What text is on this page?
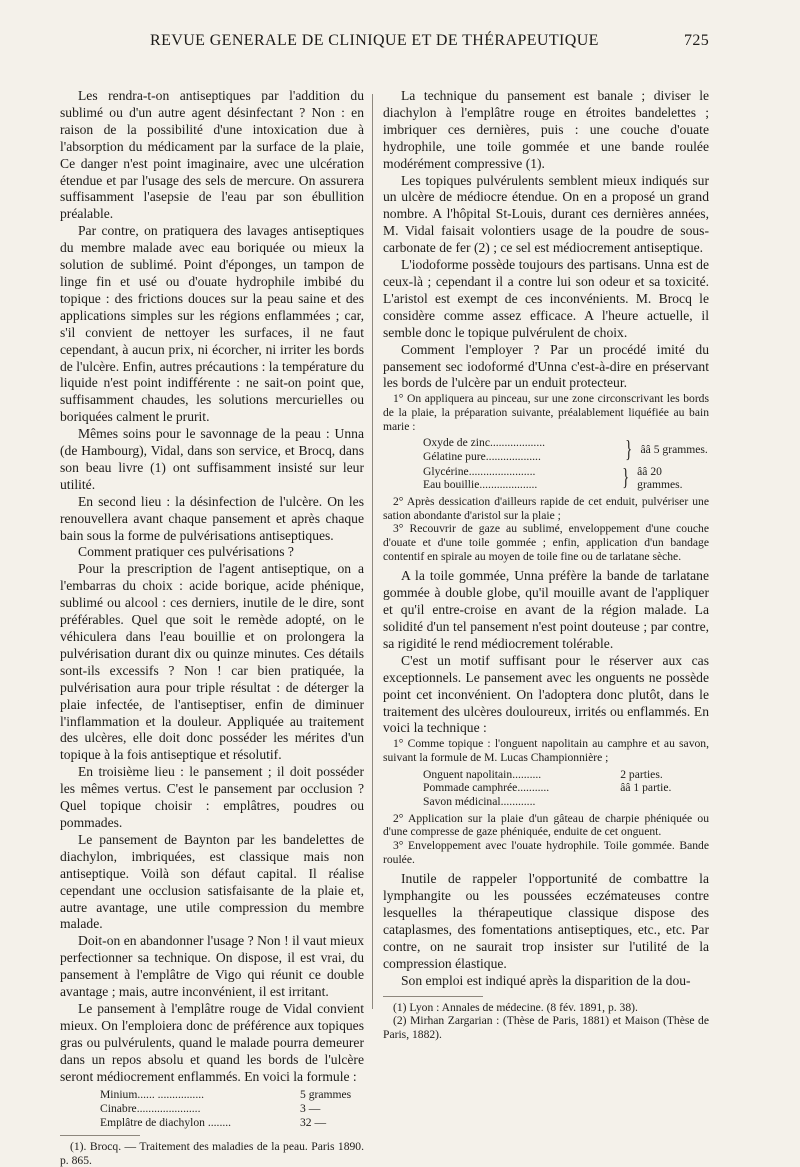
REVUE GENERALE DE CLINIQUE ET DE THÉRAPEUTIQUE	725

Les rendra-t-on antiseptiques par l'addition du sublimé ou d'un autre agent désinfectant ? Non : en raison de la possibilité d'une intoxication due à l'absorption du médicament par la surface de la plaie, Ce danger n'est point imaginaire, avec une ulcération étendue et par l'usage des sels de mercure. On assurera suffisamment l'asepsie de l'eau par son ébullition préalable.

Par contre, on pratiquera des lavages antiseptiques du membre malade avec eau boriquée ou mieux la solution de sublimé. Point d'éponges, un tampon de linge fin et usé ou d'ouate hydrophile imbibé du topique : des frictions douces sur la peau saine et des applications simples sur les régions enflammées ; car, s'il convient de nettoyer les surfaces, il ne faut cependant, à aucun prix, ni écorcher, ni irriter les bords de l'ulcère. Enfin, autres précautions : la température du liquide n'est point indifférente : ne sait-on point que, suffisamment chaudes, les solutions mercurielles ou boriquées calment le prurit.

Mêmes soins pour le savonnage de la peau : Unna (de Hambourg), Vidal, dans son service, et Brocq, dans son beau livre (1) ont suffisamment insisté sur leur utilité.

En second lieu : la désinfection de l'ulcère. On les renouvellera avant chaque pansement et après chaque bain sous la forme de pulvérisations antiseptiques.

Comment pratiquer ces pulvérisations ?

Pour la prescription de l'agent antiseptique, on a l'embarras du choix : acide borique, acide phénique, sublimé ou alcool : ces derniers, inutile de le dire, sont préférables. Quel que soit le remède adopté, on le véhiculera dans l'eau bouillie et on prolongera la pulvérisation durant dix ou quinze minutes. Ces détails sont-ils excessifs ? Non ! car bien pratiquée, la pulvérisation aura pour triple résultat : de déterger la plaie infectée, de l'antiseptiser, enfin de diminuer l'inflammation et la douleur. Appliquée au traitement des ulcères, elle doit donc posséder les mérites d'un topique à la fois antiseptique et résolutif.

En troisième lieu : le pansement ; il doit posséder les mêmes vertus. C'est le pansement par occlusion ? Quel topique choisir : emplâtres, poudres ou pommades.

Le pansement de Baynton par les bandelettes de diachylon, imbriquées, est classique mais non antiseptique. Voilà son défaut capital. Il réalise cependant une occlusion satisfaisante de la plaie et, autre avantage, une utile compression du membre malade.

Doit-on en abandonner l'usage ? Non ! il vaut mieux perfectionner sa technique. On dispose, il est vrai, du pansement à l'emplâtre de Vigo qui réunit ce double avantage ; mais, autre inconvénient, il est irritant.

Le pansement à l'emplâtre rouge de Vidal convient mieux. On l'emploiera donc de préférence aux topiques gras ou pulvérulents, quand le malade pourra demeurer dans un repos absolu et quand les bords de l'ulcère seront médiocrement enflammés. En voici la formule :

Minium...... ................	5 grammes
Cinabre......................	3 —
Emplâtre de diachylon ........	32 —

(1). Brocq. — Traitement des maladies de la peau. Paris 1890. p. 865.

La technique du pansement est banale ; diviser le diachylon à l'emplâtre rouge en étroites bandelettes ; imbriquer ces dernières, puis : une couche d'ouate hydrophile, une toile gommée et une bande roulée modérément compressive (1).

Les topiques pulvérulents semblent mieux indiqués sur un ulcère de médiocre étendue. On en a proposé un grand nombre. A l'hôpital St-Louis, durant ces dernières années, M. Vidal faisait volontiers usage de la poudre de sous-carbonate de fer (2) ; ce sel est médiocrement antiseptique.

L'iodoforme possède toujours des partisans. Unna est de ceux-là ; cependant il a contre lui son odeur et sa toxicité. L'aristol est exempt de ces inconvénients. M. Brocq le considère comme assez efficace. A l'heure actuelle, il semble donc le topique pulvérulent de choix.

Comment l'employer ? Par un procédé imité du pansement sec iodoformé d'Unna c'est-à-dire en préservant les bords de l'ulcère par un enduit protecteur.

1° On appliquera au pinceau, sur une zone circonscrivant les bords de la plaie, la préparation suivante, préalablement liquéfiée au bain marie :

Oxyde de zinc...................
Gélatine pure...................	} ââ 5 grammes.
Glycérine.......................
Eau bouillie....................	} ââ 20 grammes.

2° Après dessication d'ailleurs rapide de cet enduit, pulvériser une sation abondante d'aristol sur la plaie ;

3° Recouvrir de gaze au sublimé, enveloppement d'une couche d'ouate et d'une toile gommée ; enfin, application d'un bandage contentif en spirale au moyen de toile fine ou de tarlatane sèche.

A la toile gommée, Unna préfère la bande de tarlatane gommée à double globe, qu'il mouille avant de l'appliquer et qu'il entre-croise en avant de la région malade. La solidité d'un tel pansement n'est point douteuse ; par contre, sa rigidité le rend médiocrement tolérable.

C'est un motif suffisant pour le réserver aux cas exceptionnels. Le pansement avec les onguents ne possède point cet inconvénient. On l'adoptera donc plutôt, dans le traitement des ulcères douloureux, irrités ou enflammés. En voici la technique :

1° Comme topique : l'onguent napolitain au camphre et au savon, suivant la formule de M. Lucas Championnière ;

Onguent napolitain..........	2 parties.
Pommade camphrée...........	ââ 1 partie.
Savon médicinal............

2° Application sur la plaie d'un gâteau de charpie phéniquée ou d'une compresse de gaze phéniquée, enduite de cet onguent.

3° Enveloppement avec l'ouate hydrophile. Toile gommée. Bande roulée.

Inutile de rappeler l'opportunité de combattre la lymphangite ou les poussées eczémateuses contre lesquelles la thérapeutique classique dispose des cataplasmes, des fomentations antiseptiques, etc., etc. Par contre, on ne saurait trop insister sur l'utilité de la compression élastique.

Son emploi est indiqué après la disparition de la dou-

(1) Lyon : Annales de médecine. (8 fév. 1891, p. 38).

(2) Mirhan Zargarian : (Thèse de Paris, 1881) et Maison (Thèse de Paris, 1882).
